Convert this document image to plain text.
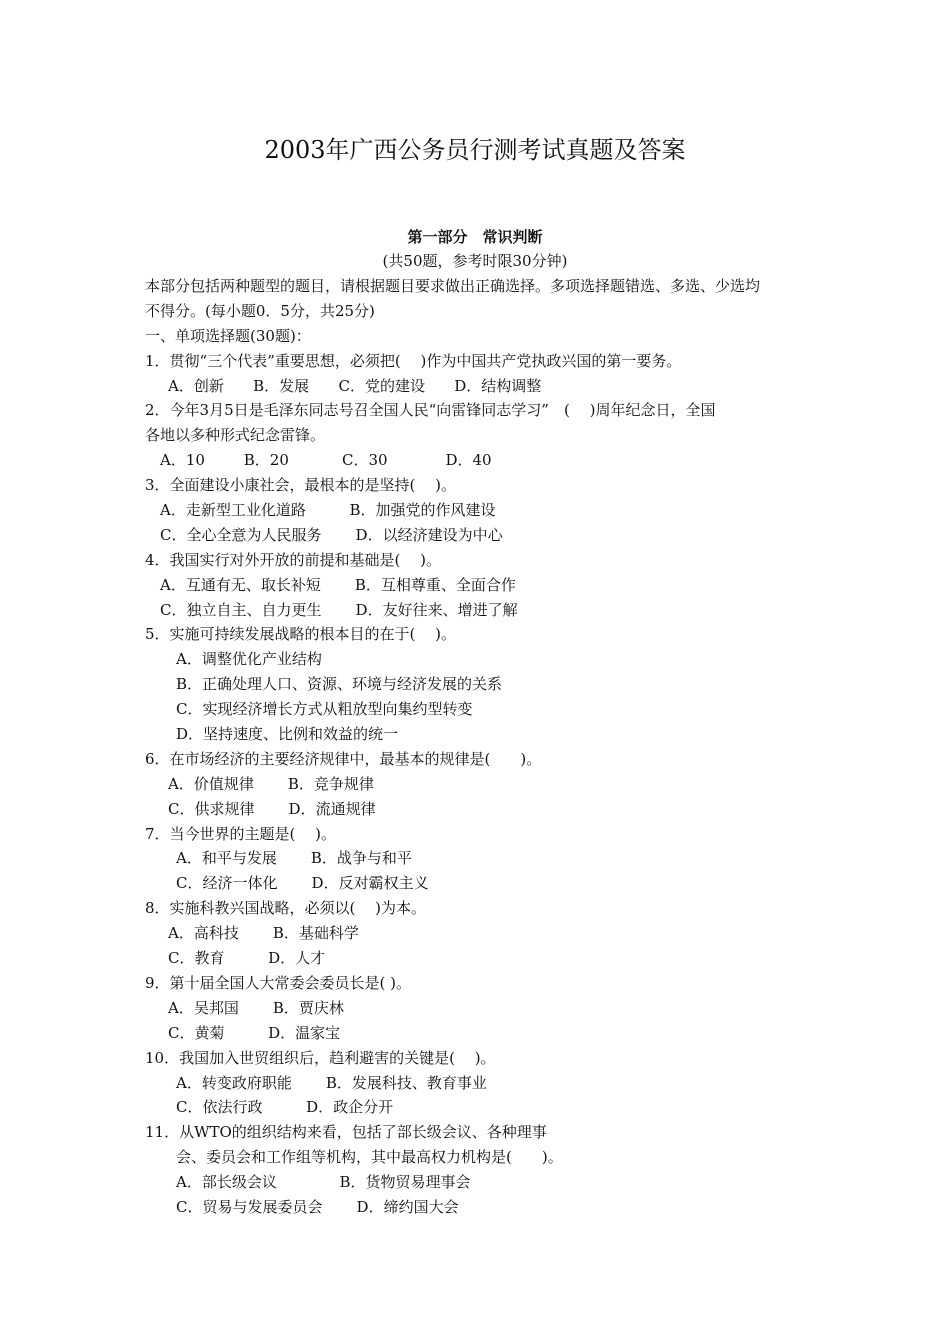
2003年广西公务员行测考试真题及答案
第一部分　常识判断
(共50题，参考时限30分钟)
本部分包括两种题型的题目，请根据题目要求做出正确选择。多项选择题错选、多选、少选均
不得分。(每小题0．5分，共25分)
一、单项选择题(30题)：
1．贯彻“三个代表”重要思想，必须把(　 )作为中国共产党执政兴国的第一要务。
A．创新　   B．发展　   C．党的建设　   D．结构调整
2．今年3月5日是毛泽东同志号召全国人民“向雷锋同志学习”　(　 )周年纪念日，全国
各地以多种形式纪念雷锋。
A．10　     B．20　        C．30　         D．40
3．全面建设小康社会，最根本的是坚持(　 )。
A．走新型工业化道路　      B．加强党的作风建设
C．全心全意为人民服务　    D．以经济建设为中心
4．我国实行对外开放的前提和基础是(　 )。
A．互通有无、取长补短　    B．互相尊重、全面合作
C．独立自主、自力更生　    D．友好往来、增进了解
5．实施可持续发展战略的根本目的在于(　 )。
A．调整优化产业结构
B．正确处理人口、资源、环境与经济发展的关系
C．实现经济增长方式从粗放型向集约型转变
D．坚持速度、比例和效益的统一
6．在市场经济的主要经济规律中，最基本的规律是(　　)。
A．价值规律　    B．竞争规律
C．供求规律　    D．流通规律
7．当今世界的主题是(　 )。
A．和平与发展　    B．战争与和平
C．经济一体化　    D．反对霸权主义
8．实施科教兴国战略，必须以(　 )为本。
A．高科技　    B．基础科学
C．教育　      D．人才
9．第十届全国人大常委会委员长是( )。
A．吴邦国　    B．贾庆林
C．黄菊　      D．温家宝
10．我国加入世贸组织后，趋利避害的关键是(　 )。
A．转变政府职能　    B．发展科技、教育事业
C．依法行政　      D．政企分开
11．从WTO的组织结构来看，包括了部长级会议、各种理事
会、委员会和工作组等机构，其中最高权力机构是(　　)。
A．部长级会议　          B．货物贸易理事会
C．贸易与发展委员会　    D．缔约国大会
